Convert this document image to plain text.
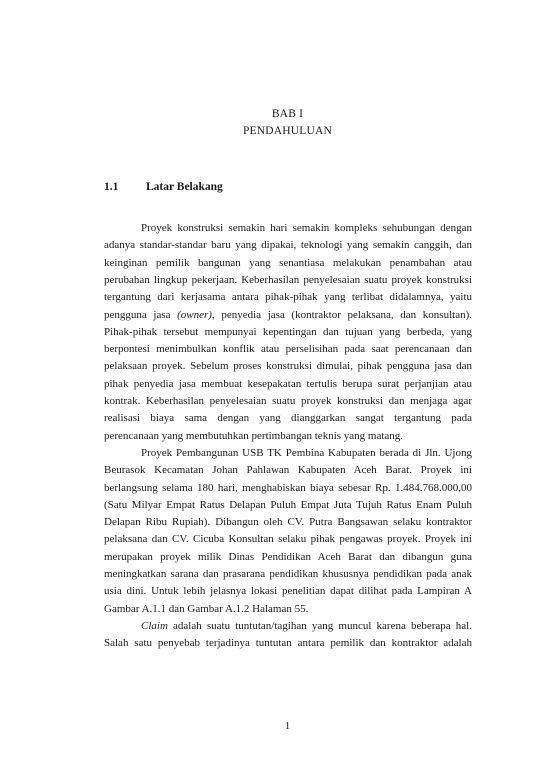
BAB I
PENDAHULUAN
1.1 Latar Belakang
Proyek konstruksi semakin hari semakin kompleks sehubungan dengan
adanya standar-standar baru yang dipakai, teknologi yang semakin canggih, dan
keinginan pemilik bangunan yang senantiasa melakukan penambahan atau
perubahan lingkup pekerjaan. Keberhasilan penyelesaian suatu proyek konstruksi
tergantung dari kerjasama antara pihak-pihak yang terlibat didalamnya, yaitu
pengguna jasa (owner), penyedia jasa (kontraktor pelaksana, dan konsultan).
Pihak-pihak tersebut mempunyai kepentingan dan tujuan yang berbeda, yang
berpontesi menimbulkan konflik atau perselisihan pada saat perencanaan dan
pelaksaan proyek. Sebelum proses konstruksi dimulai, pihak pengguna jasa dan
pihak penyedia jasa membuat kesepakatan tertulis berupa surat perjanjian atau
kontrak. Keberhasilan penyelesaian suatu proyek konstruksi dan menjaga agar
realisasi biaya sama dengan yang dianggarkan sangat tergantung pada
perencanaan yang membutuhkan pertimbangan teknis yang matang.
Proyek Pembangunan USB TK Pembina Kabupaten berada di Jln. Ujong
Beurasok Kecamatan Johan Pahlawan Kabupaten Aceh Barat. Proyek ini
berlangsung selama 180 hari, menghabiskan biaya sebesar Rp. 1.484.768.000,00
(Satu Milyar Empat Ratus Delapan Puluh Empat Juta Tujuh Ratus Enam Puluh
Delapan Ribu Rupiah). Dibangun oleh CV. Putra Bangsawan selaku kontraktor
pelaksana dan CV. Cicuba Konsultan selaku pihak pengawas proyek. Proyek ini
merupakan proyek milik Dinas Pendidikan Aceh Barat dan dibangun guna
meningkatkan sarana dan prasarana pendidikan khususnya pendidikan pada anak
usia dini. Untuk lebih jelasnya lokasi penelitian dapat dilihat pada Lampiran A
Gambar A.1.1 dan Gambar A.1.2 Halaman 55.
Claim adalah suatu tuntutan/tagihan yang muncul karena beberapa hal.
Salah satu penyebab terjadinya tuntutan antara pemilik dan kontraktor adalah
1
